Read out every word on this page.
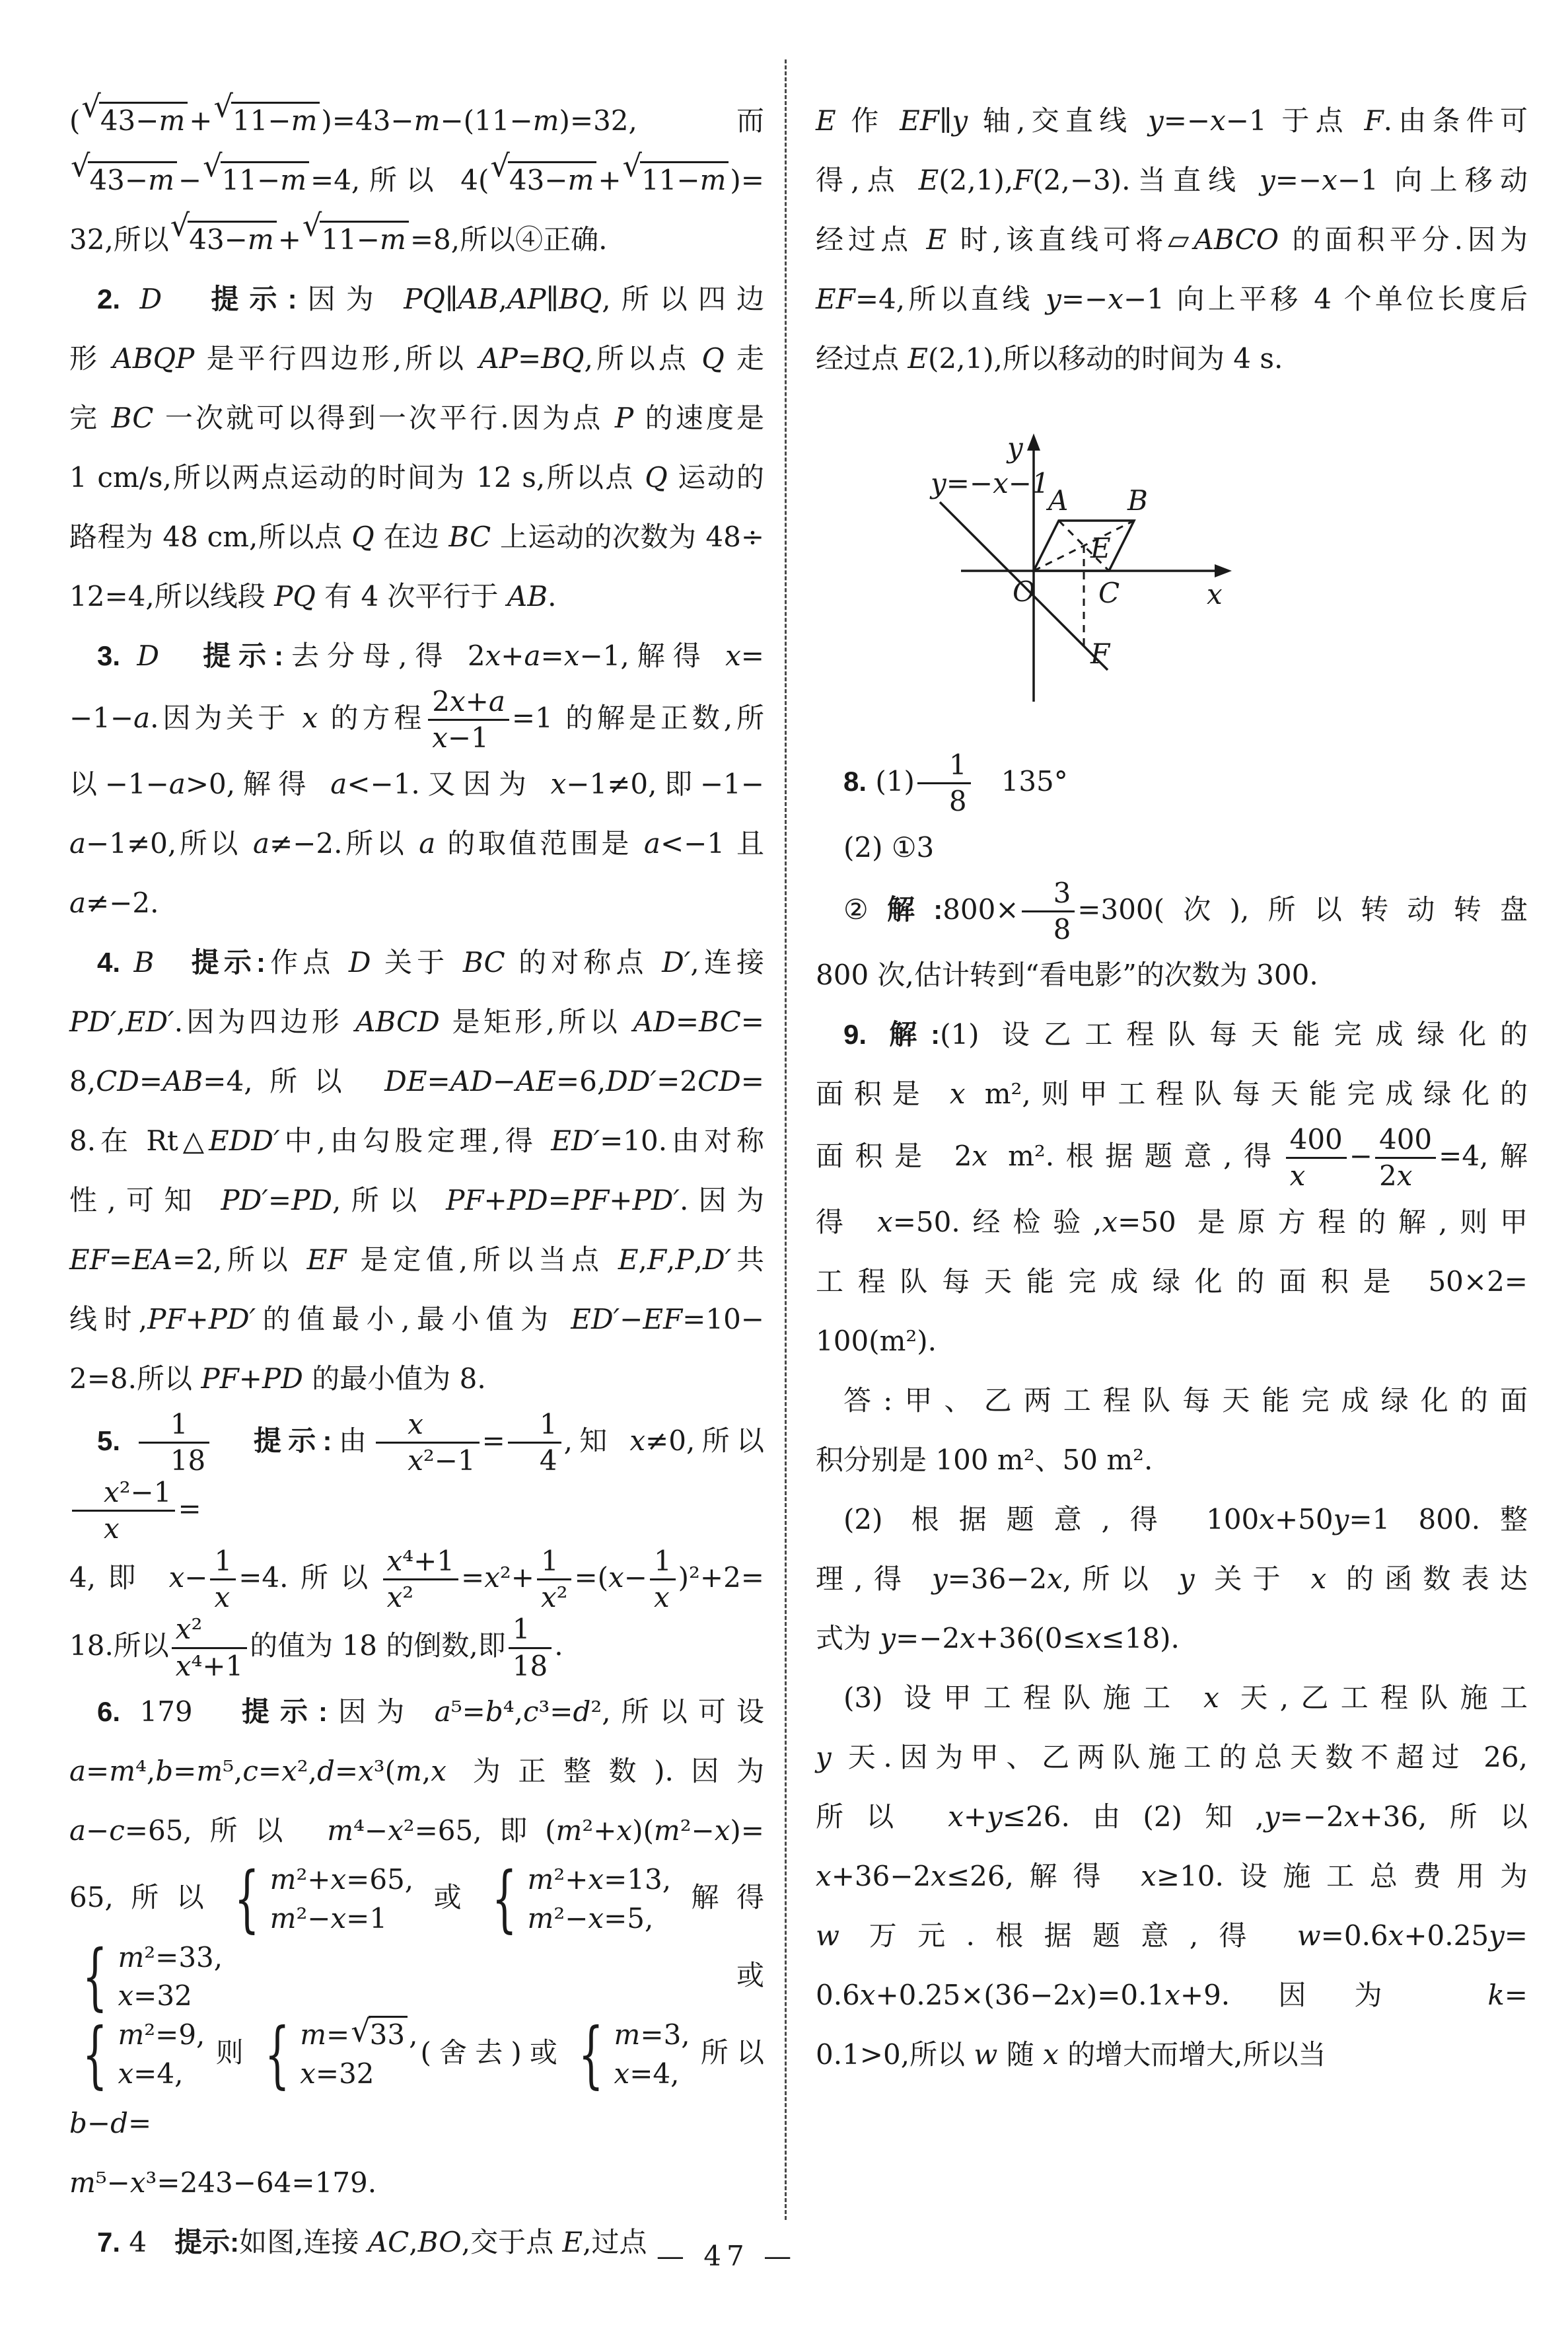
(√43−m +√11−m )=43−m−(11−m)=32,而
√43−m −√11−m =4,所以 4(√43−m +√11−m )=
32,所以√43−m +√11−m =8,所以④正确.
2. D　 提示:因为 PQ∥AB,AP∥BQ,所以四边
形 ABQP 是平行四边形,所以 AP=BQ,所以点 Q 走
完 BC 一次就可以得到一次平行.因为点 P 的速度是
1 cm/s,所以两点运动的时间为 12 s,所以点 Q 运动的
路程为 48 cm,所以点 Q 在边 BC 上运动的次数为 48÷
12=4,所以线段 PQ 有 4 次平行于 AB.
3. D　 提示:去分母,得 2x+a=x−1,解得 x=
−1−a.因为关于 x 的方程 $\frac{2x+a}{x-1} =1$ 的解是正数,所
以−1−a>0,解得 a<−1.又因为 x−1≠0,即−1−
a−1≠0,所以 a≠−2.所以 a 的取值范围是 a<−1 且
a≠−2.
4. B　 提示:作点 D 关于 BC 的对称点 D′,连接
PD′,ED′.因为四边形 ABCD 是矩形,所以 AD=BC=
8,CD=AB=4,所以 DE=AD−AE=6,DD′=2CD=
8.在 Rt△EDD′中,由勾股定理,得 ED′=10.由对称
性,可知 PD′=PD,所以 PF+PD=PF+PD′.因为
EF=EA=2,所以 EF 是定值,所以当点 E,F,P,D′共
线时,PF+PD′的值最小,最小值为 ED′−EF=10−
2=8.所以 PF+PD 的最小值为 8.
5. $\frac{1}{18}$
　 提示:由 $\frac{x}{\text{x²−1}} = \frac{1}{4}$ ,知 x≠0,所以
$\frac{\text{x²−1}}{x}$ =
4,即 $x- \frac{1}{x} =4$.所以 $\frac{\text{x⁴+1}}{\text{x²}} =x^2+ \frac{1}{\text{x²}} =(x- \frac{1}{x} )^2+2=$
18.所以 $\frac{\text{x²}}{\text{x⁴+1}}$ 的值为 18 的倒数,即 $\frac{1}{18}$ .
6. 179　提示:因为 a⁵=b⁴,c³=d²,所以可设
a=m⁴,b=m⁵,c=x²,d=x³(m,x 为正整数).因为
a−c=65,所以 m⁴−x²=65,即(m²+x)(m²−x)=
65,所以 { m²+x=65,
m²−x=1
或 { m²+x=13,
m²−x=5,
解得
{ m²=33,
x=32
或
{ m²=9,
x=4,
则 { m=√33 ,
x=32
(舍去)或 { m=3,
x=4,
所以 b−d=
m⁵−x³=243−64=179.
7. 4　提示:如图,连接 AC,BO,交于点 E,过点
E 作 EF∥y 轴,交直线 y=−x−1 于点 F.由条件可
得,点 E(2,1),F(2,−3).当直线 y=−x−1 向上移动
经过点 E 时,该直线可将▱ABCO 的面积平分.因为
EF=4,所以直线 y=−x−1 向上平移 4 个单位长度后
经过点 E(2,1),所以移动的时间为 4 s.
y=−x−1
y
x
O
A B
C
E
F
8. $(1) \frac{1}{8}$ 　135°
(2) ①3
②解:800× $\frac{3}{8} =300$(次),所以转动转盘
800 次,估计转到“看电影”的次数为 300.
9. 解:(1) 设乙工程队每天能完成绿化的
面积是 x m²,则甲工程队每天能完成绿化的
面积是 2x m².根据题意,得 $\frac{400}{x} - \frac{400}{2x} =4$,解
得 x=50.经检验,x=50 是原方程的解,则甲
工程队每天能完成绿化的面积是 50×2=
100(m²).
答:甲、乙两工程队每天能完成绿化的面
积分别是 100 m²、50 m².
(2) 根据题意,得 100x+50y=1 800.整
理,得 y=36−2x,所以 y 关于 x 的函数表达
式为 y=−2x+36(0≤x≤18).
(3) 设甲工程队施工 x 天,乙工程队施工
y 天.因为甲、乙两队施工的总天数不超过 26,
所以 x+y≤26.由(2)知,y=−2x+36,所以
x+36−2x≤26,解得 x≥10.设施工总费用为
w 万元.根据题意,得 w=0.6x+0.25y=
0.6x+0.25×(36−2x)=0.1x+9.因为 k=
0.1>0,所以 w 随 x 的增大而增大,所以当
— 47 —
